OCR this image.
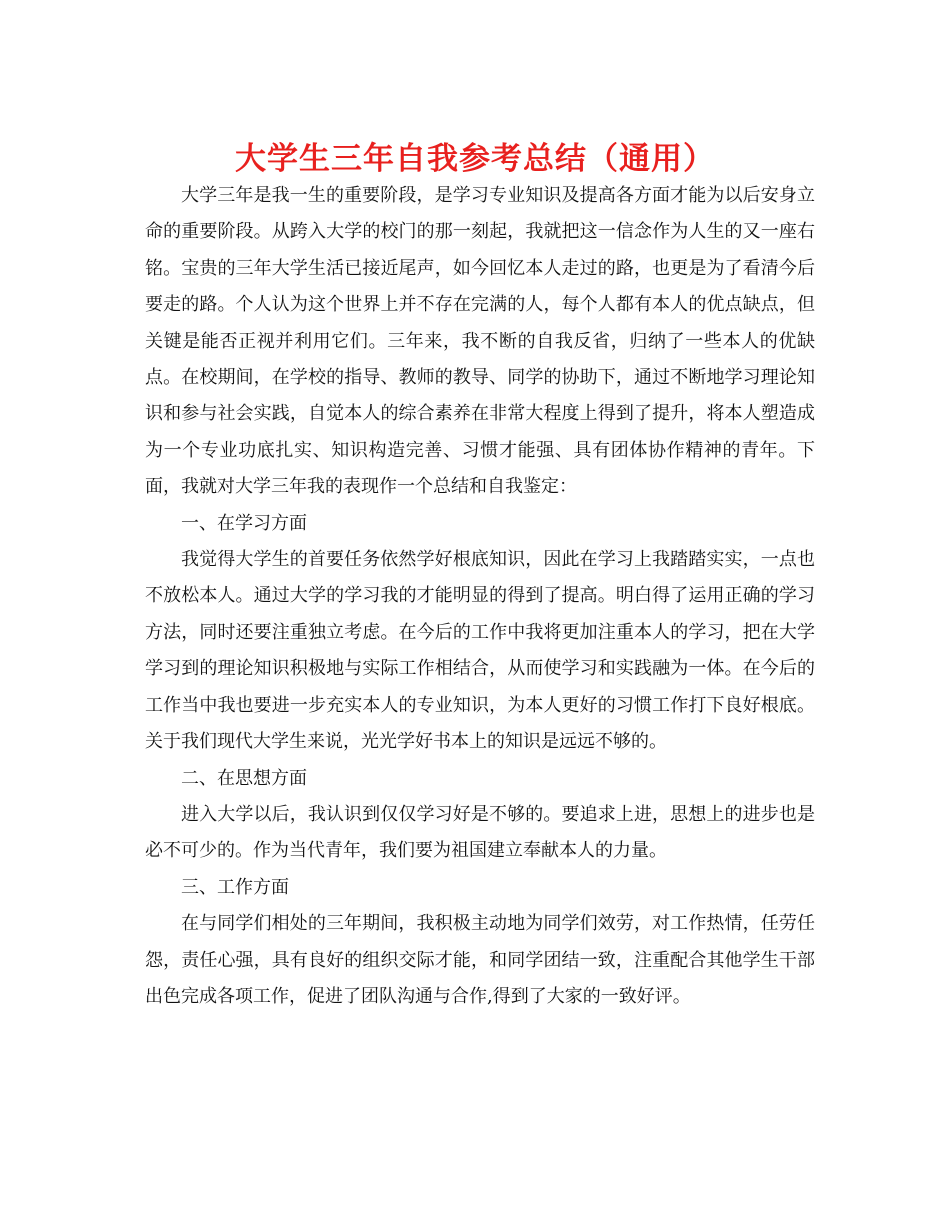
大学生三年自我参考总结（通用）

大学三年是我一生的重要阶段，是学习专业知识及提高各方面才能为以后安身立命的重要阶段。从跨入大学的校门的那一刻起，我就把这一信念作为人生的又一座右铭。宝贵的三年大学生活已接近尾声，如今回忆本人走过的路，也更是为了看清今后要走的路。个人认为这个世界上并不存在完满的人，每个人都有本人的优点缺点，但关键是能否正视并利用它们。三年来，我不断的自我反省，归纳了一些本人的优缺点。在校期间，在学校的指导、教师的教导、同学的协助下，通过不断地学习理论知识和参与社会实践，自觉本人的综合素养在非常大程度上得到了提升，将本人塑造成为一个专业功底扎实、知识构造完善、习惯才能强、具有团体协作精神的青年。下面，我就对大学三年我的表现作一个总结和自我鉴定：

一、在学习方面

我觉得大学生的首要任务依然学好根底知识，因此在学习上我踏踏实实，一点也不放松本人。通过大学的学习我的才能明显的得到了提高。明白得了运用正确的学习方法，同时还要注重独立考虑。在今后的工作中我将更加注重本人的学习，把在大学学习到的理论知识积极地与实际工作相结合，从而使学习和实践融为一体。在今后的工作当中我也要进一步充实本人的专业知识，为本人更好的习惯工作打下良好根底。关于我们现代大学生来说，光光学好书本上的知识是远远不够的。

二、在思想方面

进入大学以后，我认识到仅仅学习好是不够的。要追求上进，思想上的进步也是必不可少的。作为当代青年，我们要为祖国建立奉献本人的力量。

三、工作方面

在与同学们相处的三年期间，我积极主动地为同学们效劳，对工作热情，任劳任怨，责任心强，具有良好的组织交际才能，和同学团结一致，注重配合其他学生干部出色完成各项工作，促进了团队沟通与合作,得到了大家的一致好评。
